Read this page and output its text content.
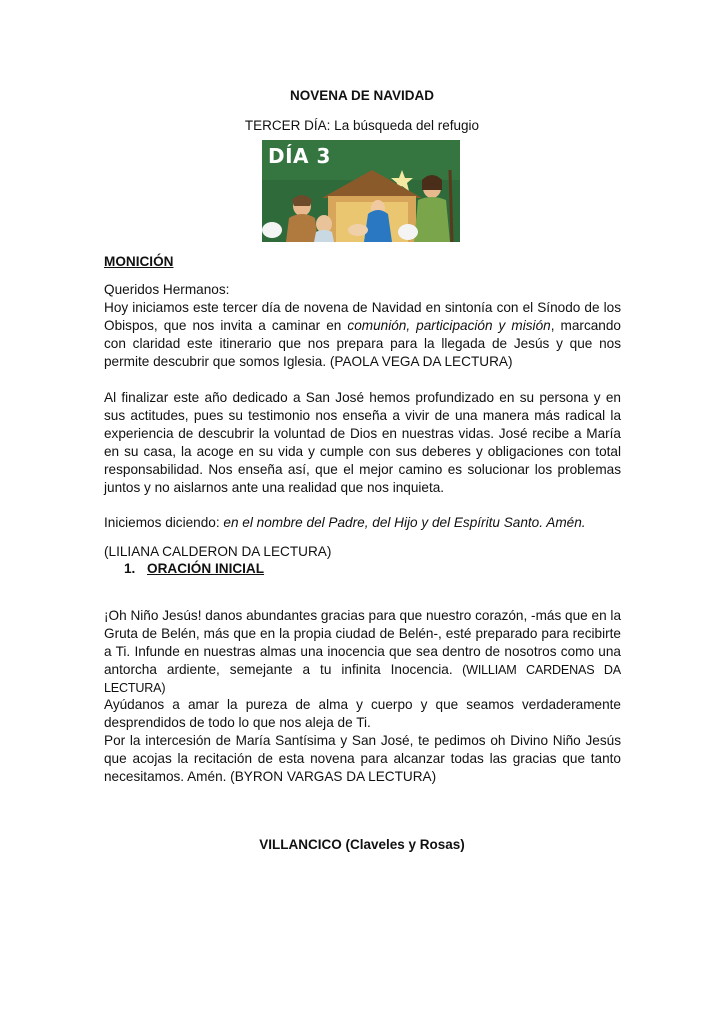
NOVENA DE NAVIDAD
TERCER DÍA: La búsqueda del refugio
DÍA 3
MONICIÓN

Queridos Hermanos:

Hoy iniciamos este tercer día de novena de Navidad en sintonía con el Sínodo de los Obispos, que nos invita a caminar en comunión, participación y misión, marcando con claridad este itinerario que nos prepara para la llegada de Jesús y que nos permite descubrir que somos Iglesia. (PAOLA VEGA DA LECTURA)

Al finalizar este año dedicado a San José hemos profundizado en su persona y en sus actitudes, pues su testimonio nos enseña a vivir de una manera más radical la experiencia de descubrir la voluntad de Dios en nuestras vidas. José recibe a María en su casa, la acoge en su vida y cumple con sus deberes y obligaciones con total responsabilidad. Nos enseña así, que el mejor camino es solucionar los problemas juntos y no aislarnos ante una realidad que nos inquieta.
Iniciemos diciendo: en el nombre del Padre, del Hijo y del Espíritu Santo. Amén.
(LILIANA CALDERON DA LECTURA)
1. ORACIÓN INICIAL
¡Oh Niño Jesús! danos abundantes gracias para que nuestro corazón, -más que en la Gruta de Belén, más que en la propia ciudad de Belén-, esté preparado para recibirte a Ti. Infunde en nuestras almas una inocencia que sea dentro de nosotros como una antorcha ardiente, semejante a tu infinita Inocencia. (WILLIAM CARDENAS DA LECTURA)
Ayúdanos a amar la pureza de alma y cuerpo y que seamos verdaderamente desprendidos de todo lo que nos aleja de Ti.
Por la intercesión de María Santísima y San José, te pedimos oh Divino Niño Jesús que acojas la recitación de esta novena para alcanzar todas las gracias que tanto necesitamos. Amén. (BYRON VARGAS DA LECTURA)
VILLANCICO (Claveles y Rosas)
